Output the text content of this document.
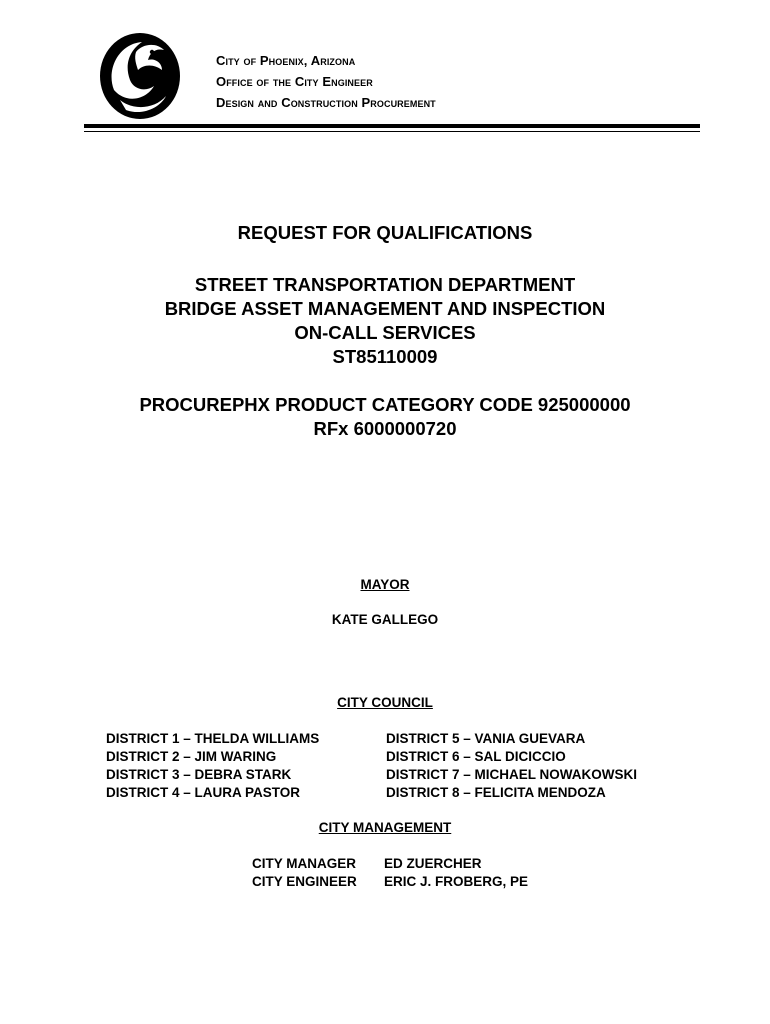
City of Phoenix, Arizona
Office of the City Engineer
Design and Construction Procurement
REQUEST FOR QUALIFICATIONS
STREET TRANSPORTATION DEPARTMENT
BRIDGE ASSET MANAGEMENT AND INSPECTION
ON-CALL SERVICES
ST85110009
PROCUREPHX PRODUCT CATEGORY CODE 925000000
RFx 6000000720
MAYOR
KATE GALLEGO
CITY COUNCIL
DISTRICT 1 – THELDA WILLIAMS
DISTRICT 2 – JIM WARING
DISTRICT 3 – DEBRA STARK
DISTRICT 4 – LAURA PASTOR
DISTRICT 5 – VANIA GUEVARA
DISTRICT 6 – SAL DICICCIO
DISTRICT 7 – MICHAEL NOWAKOWSKI
DISTRICT 8 – FELICITA MENDOZA
CITY MANAGEMENT
CITY MANAGER	ED ZUERCHER
CITY ENGINEER	ERIC J. FROBERG, PE
